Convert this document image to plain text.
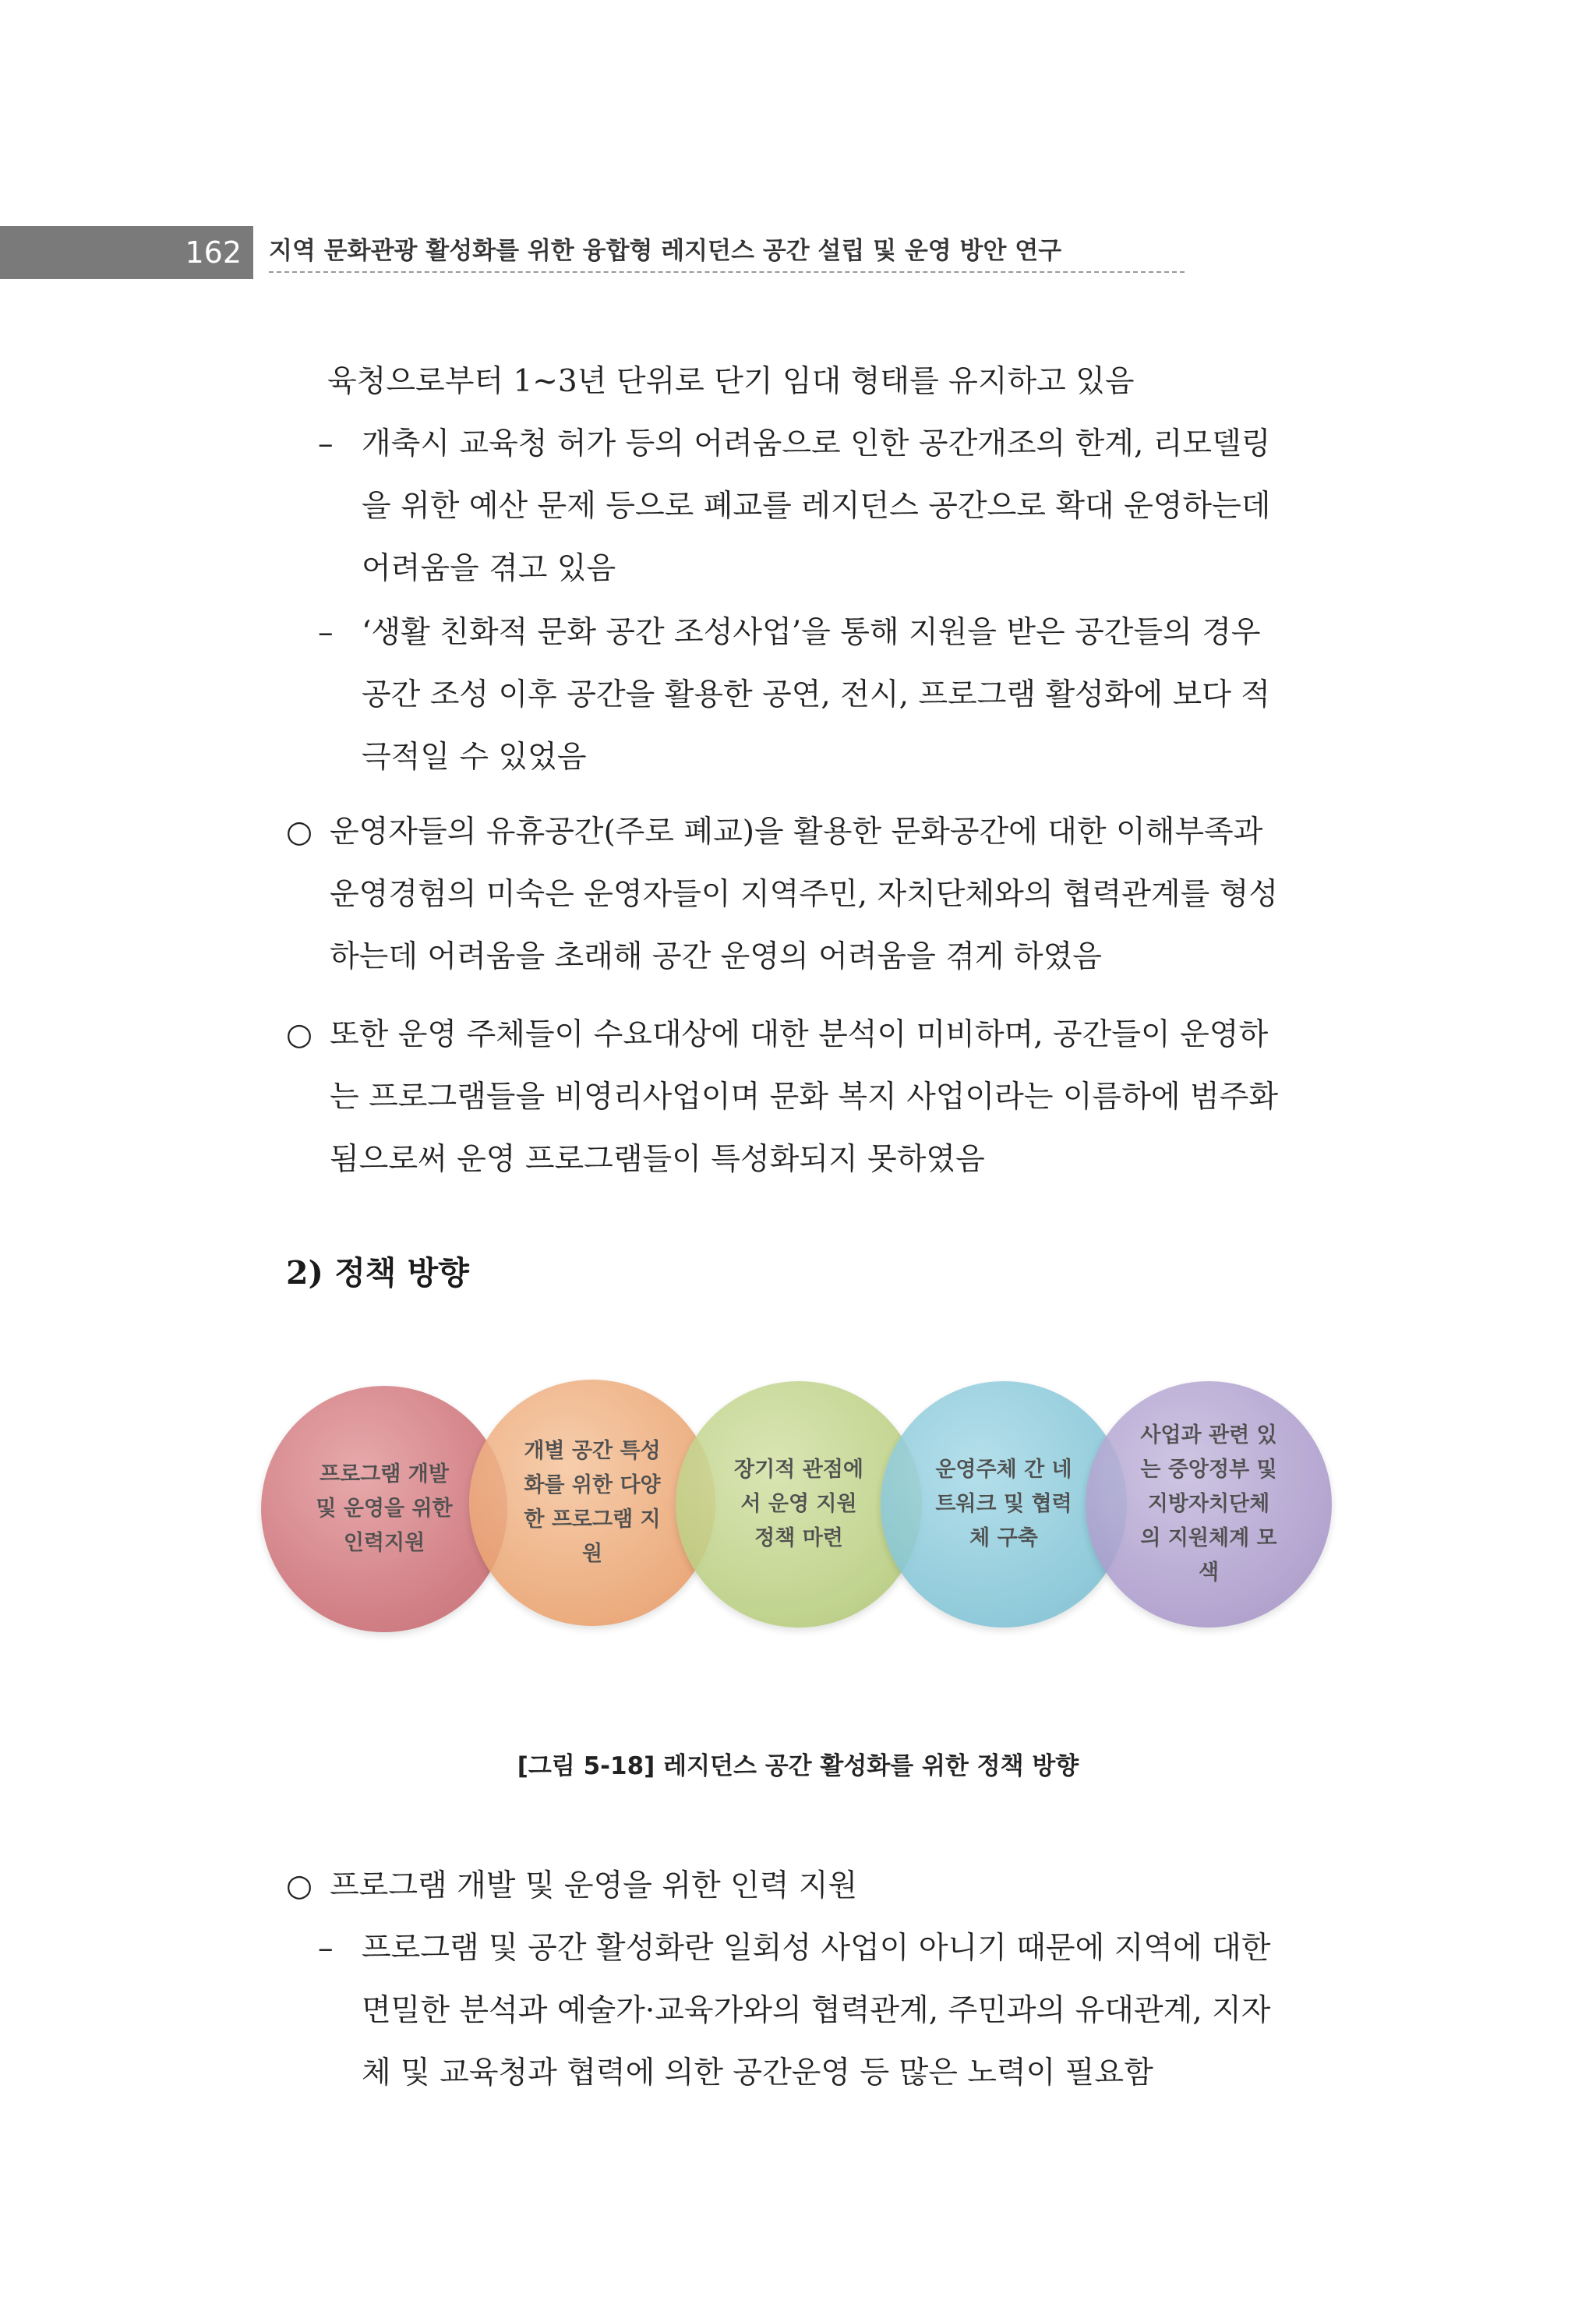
162 지역 문화관광 활성화를 위한 융합형 레지던스 공간 설립 및 운영 방안 연구
육청으로부터 1~3년 단위로 단기 임대 형태를 유지하고 있음
– 개축시 교육청 허가 등의 어려움으로 인한 공간개조의 한계, 리모델링
을 위한 예산 문제 등으로 폐교를 레지던스 공간으로 확대 운영하는데
어려움을 겪고 있음
– ‘생활 친화적 문화 공간 조성사업’을 통해 지원을 받은 공간들의 경우
공간 조성 이후 공간을 활용한 공연, 전시, 프로그램 활성화에 보다 적
극적일 수 있었음
○ 운영자들의 유휴공간(주로 폐교)을 활용한 문화공간에 대한 이해부족과
운영경험의 미숙은 운영자들이 지역주민, 자치단체와의 협력관계를 형성
하는데 어려움을 초래해 공간 운영의 어려움을 겪게 하였음
○ 또한 운영 주체들이 수요대상에 대한 분석이 미비하며, 공간들이 운영하
는 프로그램들을 비영리사업이며 문화 복지 사업이라는 이름하에 범주화
됨으로써 운영 프로그램들이 특성화되지 못하였음
2) 정책 방향
프로그램 개발
및 운영을 위한
인력지원
개별 공간 특성
화를 위한 다양
한 프로그램 지
원
장기적 관점에
서 운영 지원
정책 마련
운영주체 간 네
트워크 및 협력
체 구축
사업과 관련 있
는 중앙정부 및
지방자치단체
의 지원체계 모
색
[그림 5-18] 레지던스 공간 활성화를 위한 정책 방향
○ 프로그램 개발 및 운영을 위한 인력 지원
– 프로그램 및 공간 활성화란 일회성 사업이 아니기 때문에 지역에 대한
면밀한 분석과 예술가·교육가와의 협력관계, 주민과의 유대관계, 지자
체 및 교육청과 협력에 의한 공간운영 등 많은 노력이 필요함
